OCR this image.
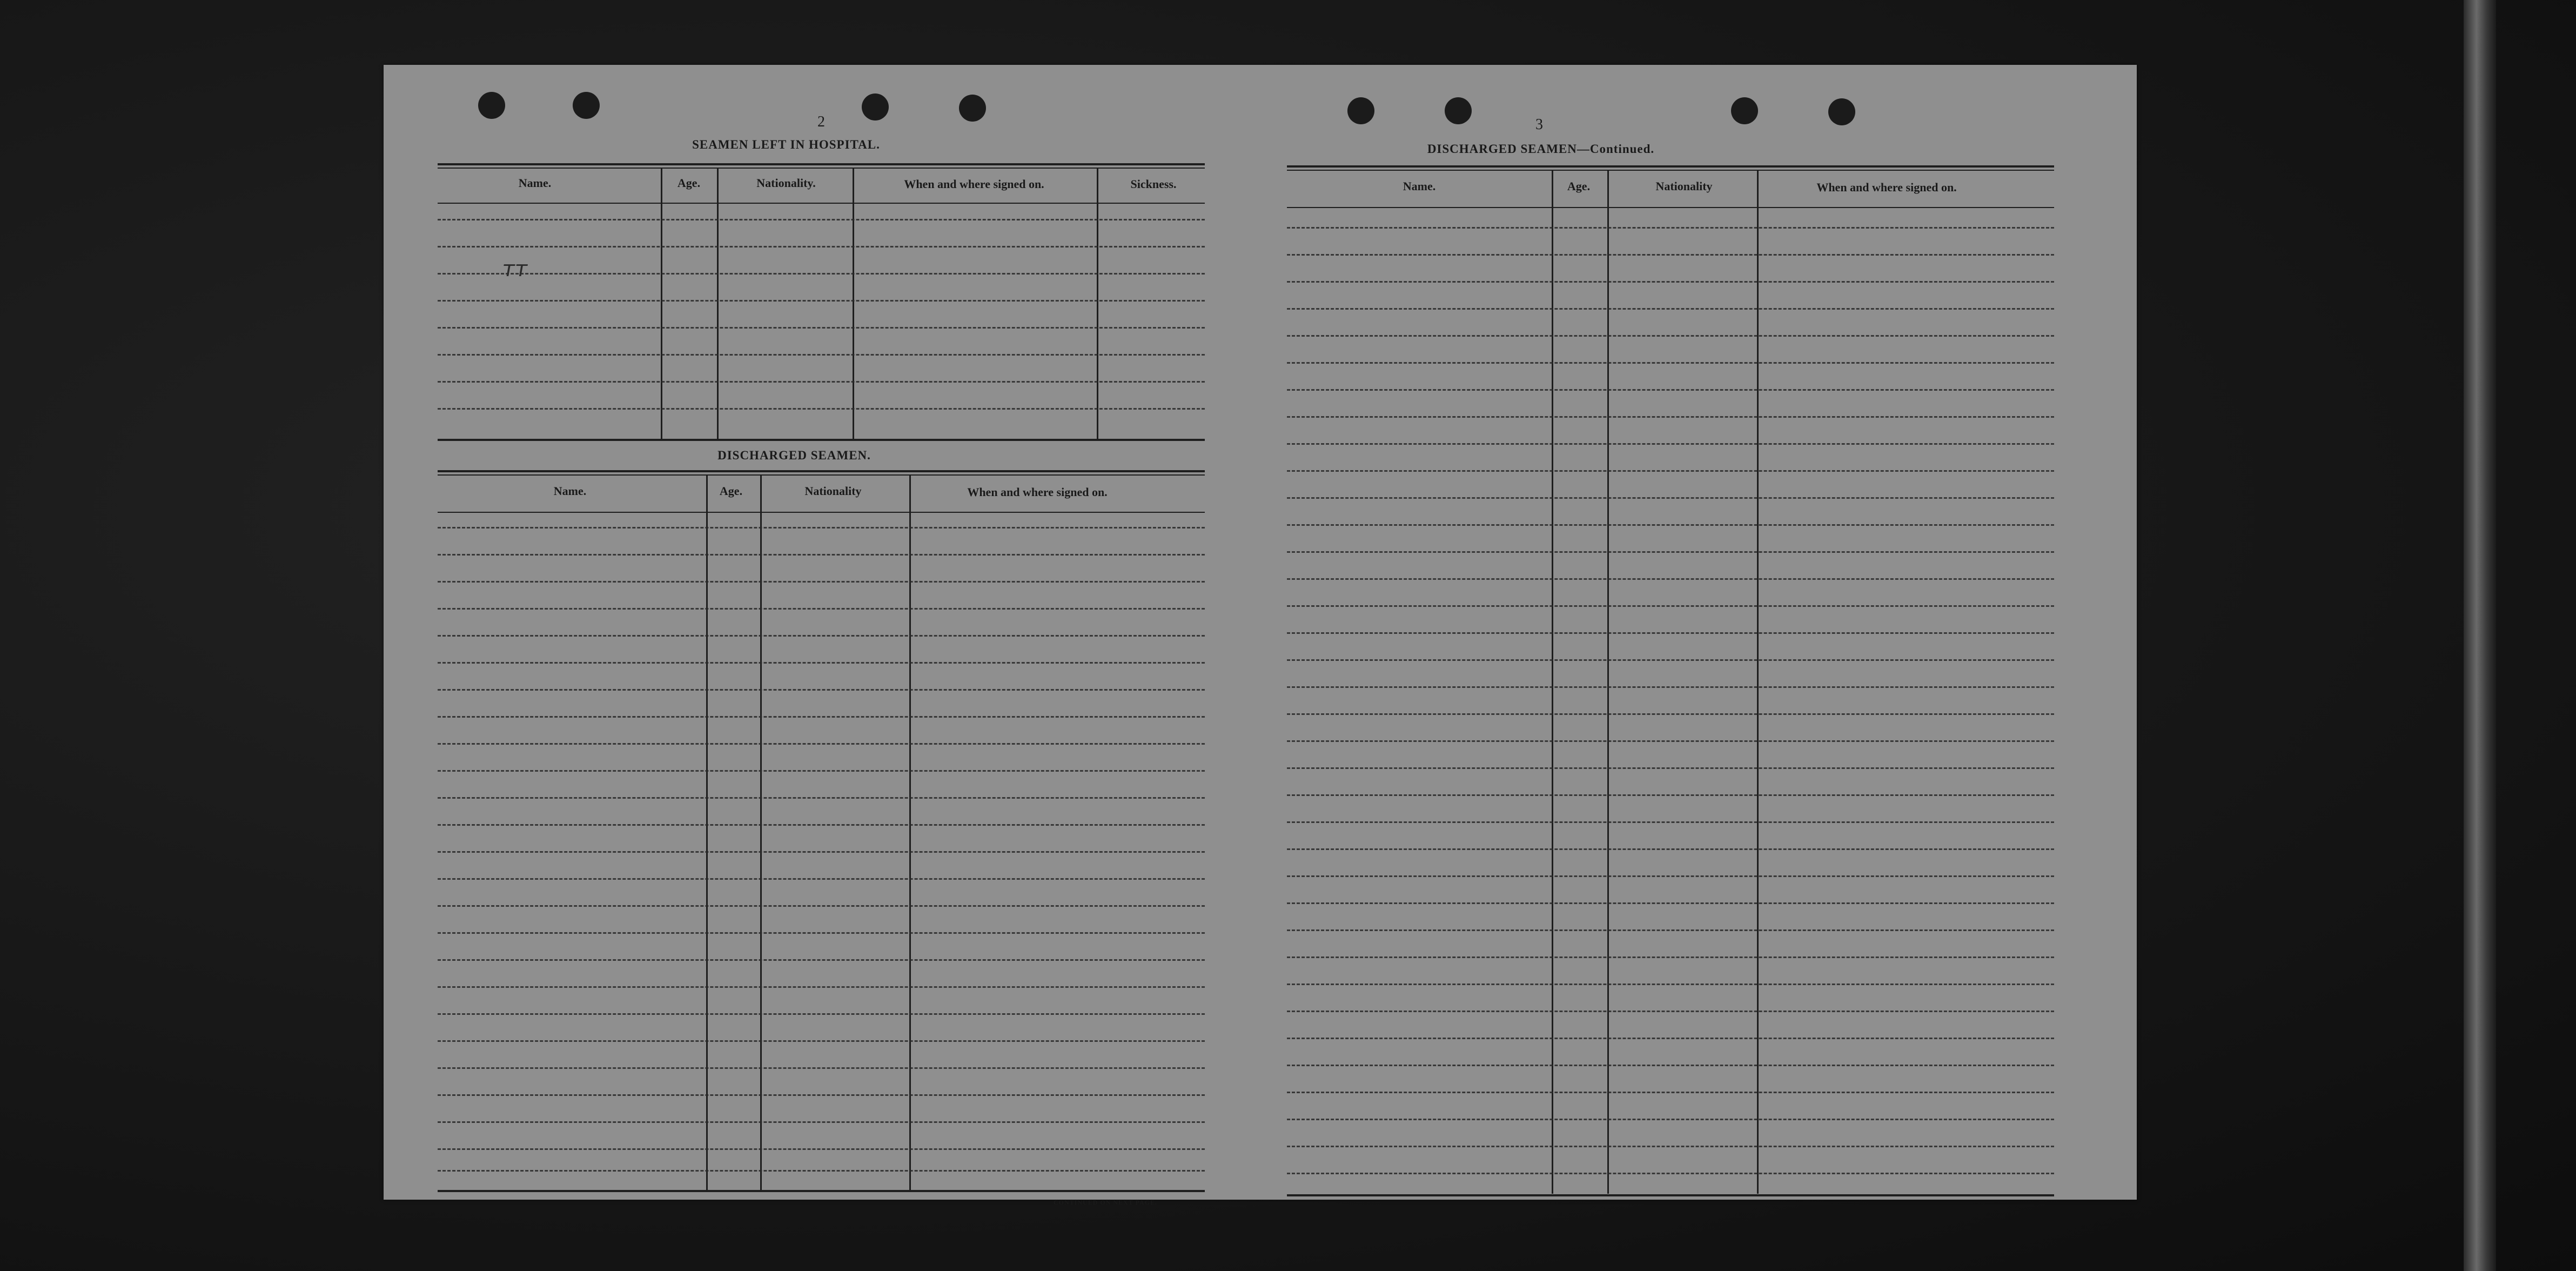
2
SEAMEN LEFT IN HOSPITAL.
Name.	Age.	Nationality.	When and where signed on.	Sickness.
ᴛᴛ
DISCHARGED SEAMEN.
Name.	Age.	Nationality	When and where signed on.
CONTINUED ON NEXT PAGE.
3
DISCHARGED SEAMEN—Continued.
Name.	Age.	Nationality	When and where signed on.
